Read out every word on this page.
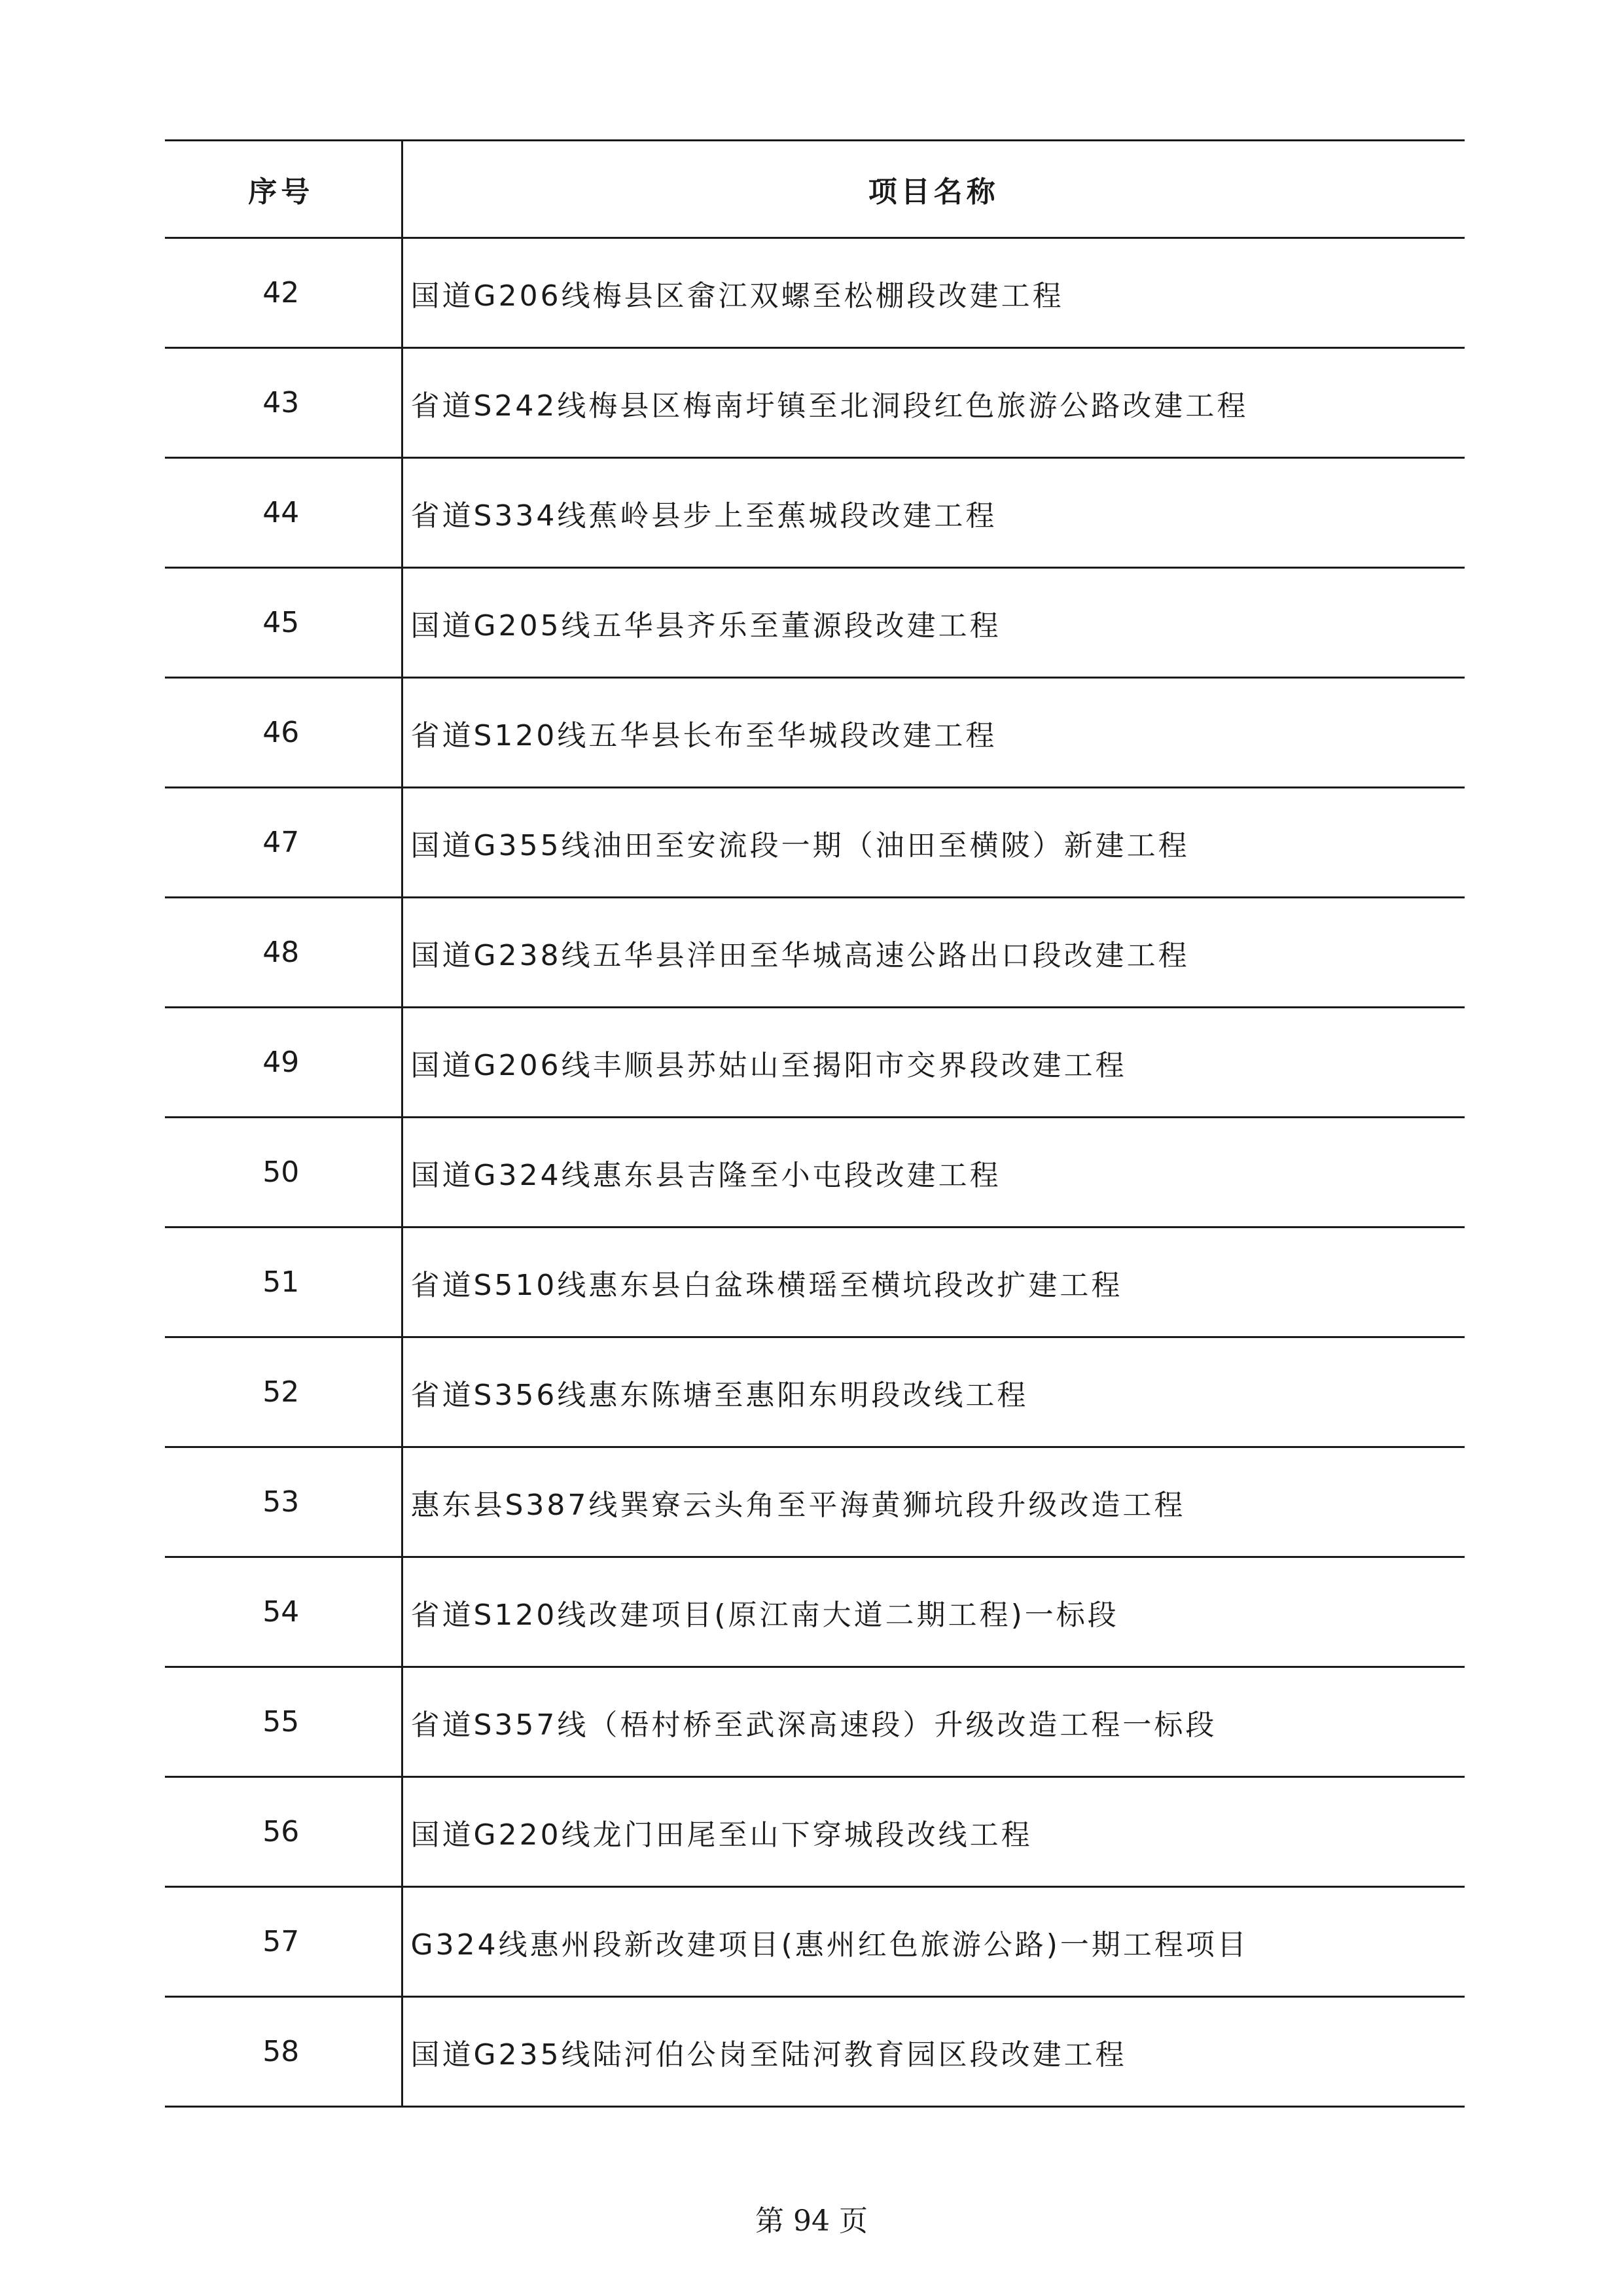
序号	项目名称
42	国道G206线梅县区畲江双螺至松棚段改建工程
43	省道S242线梅县区梅南圩镇至北洞段红色旅游公路改建工程
44	省道S334线蕉岭县步上至蕉城段改建工程
45	国道G205线五华县齐乐至董源段改建工程
46	省道S120线五华县长布至华城段改建工程
47	国道G355线油田至安流段一期（油田至横陂）新建工程
48	国道G238线五华县洋田至华城高速公路出口段改建工程
49	国道G206线丰顺县苏姑山至揭阳市交界段改建工程
50	国道G324线惠东县吉隆至小屯段改建工程
51	省道S510线惠东县白盆珠横瑶至横坑段改扩建工程
52	省道S356线惠东陈塘至惠阳东明段改线工程
53	惠东县S387线巽寮云头角至平海黄狮坑段升级改造工程
54	省道S120线改建项目(原江南大道二期工程)一标段
55	省道S357线（梧村桥至武深高速段）升级改造工程一标段
56	国道G220线龙门田尾至山下穿城段改线工程
57	G324线惠州段新改建项目(惠州红色旅游公路)一期工程项目
58	国道G235线陆河伯公岗至陆河教育园区段改建工程
第 94 页
